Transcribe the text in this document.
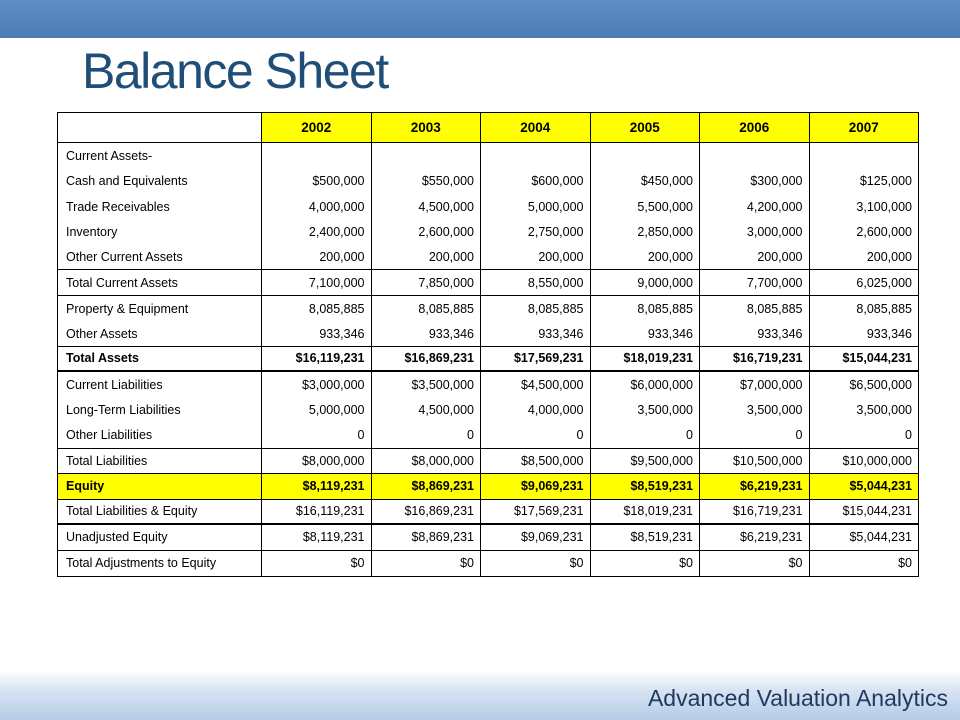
Balance Sheet
2002	2003	2004	2005	2006	2007
Current Assets-
Cash and Equivalents	$500,000	$550,000	$600,000	$450,000	$300,000	$125,000
Trade Receivables	4,000,000	4,500,000	5,000,000	5,500,000	4,200,000	3,100,000
Inventory	2,400,000	2,600,000	2,750,000	2,850,000	3,000,000	2,600,000
Other Current Assets	200,000	200,000	200,000	200,000	200,000	200,000
Total Current Assets	7,100,000	7,850,000	8,550,000	9,000,000	7,700,000	6,025,000
Property & Equipment	8,085,885	8,085,885	8,085,885	8,085,885	8,085,885	8,085,885
Other Assets	933,346	933,346	933,346	933,346	933,346	933,346
Total Assets	$16,119,231	$16,869,231	$17,569,231	$18,019,231	$16,719,231	$15,044,231
Current Liabilities	$3,000,000	$3,500,000	$4,500,000	$6,000,000	$7,000,000	$6,500,000
Long-Term Liabilities	5,000,000	4,500,000	4,000,000	3,500,000	3,500,000	3,500,000
Other Liabilities	0	0	0	0	0	0
Total Liabilities	$8,000,000	$8,000,000	$8,500,000	$9,500,000	$10,500,000	$10,000,000
Equity	$8,119,231	$8,869,231	$9,069,231	$8,519,231	$6,219,231	$5,044,231
Total Liabilities & Equity	$16,119,231	$16,869,231	$17,569,231	$18,019,231	$16,719,231	$15,044,231
Unadjusted Equity	$8,119,231	$8,869,231	$9,069,231	$8,519,231	$6,219,231	$5,044,231
Total Adjustments to Equity	$0	$0	$0	$0	$0	$0
Advanced Valuation Analytics
